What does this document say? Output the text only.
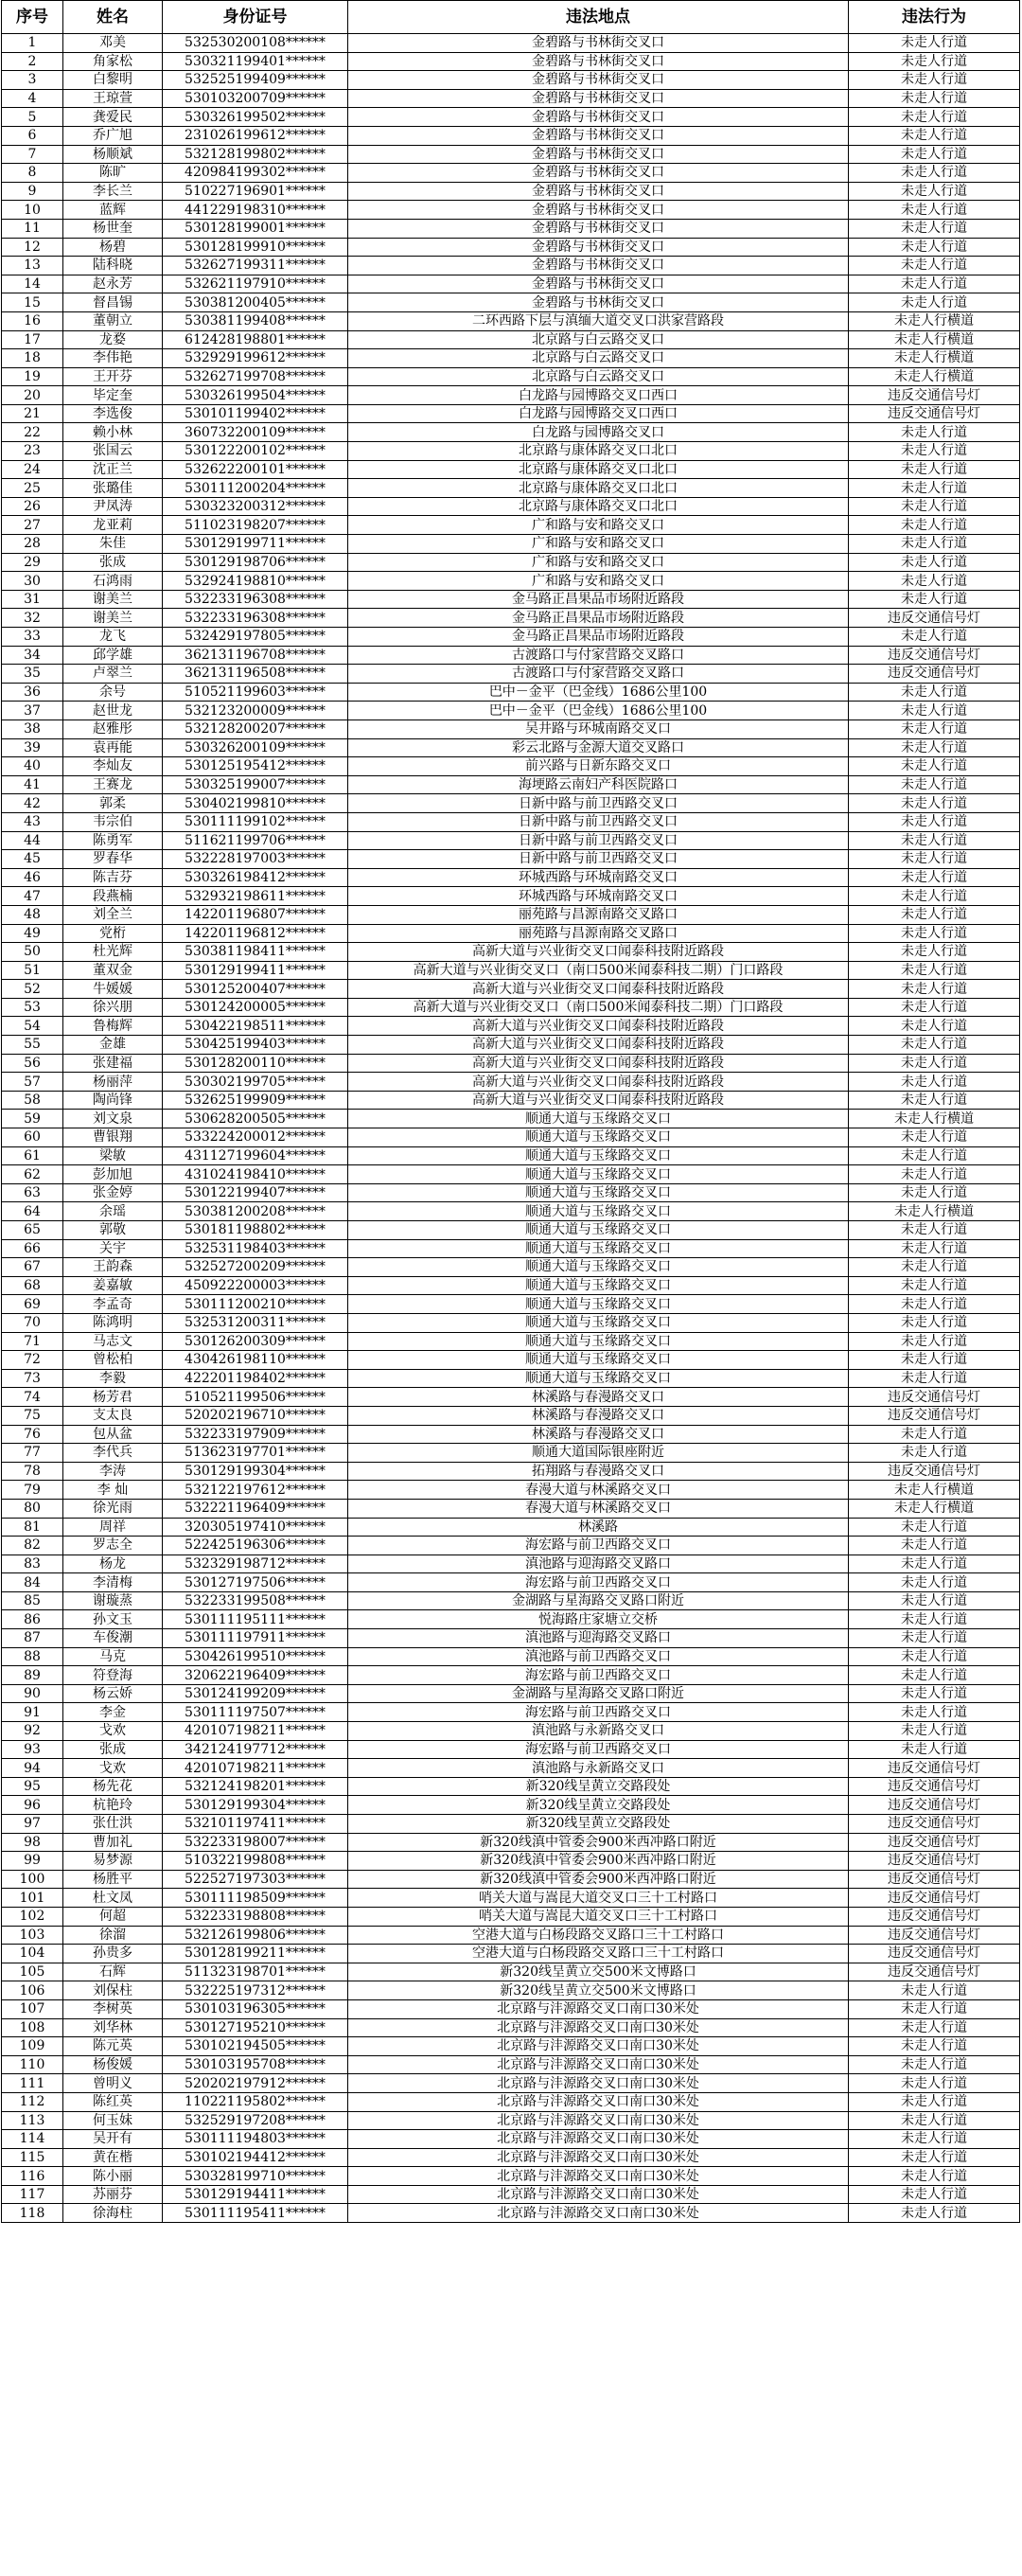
序号	姓名	身份证号	违法地点	违法行为
1	邓美	532530200108******	金碧路与书林街交叉口	未走人行道
2	角家松	530321199401******	金碧路与书林街交叉口	未走人行道
3	白黎明	532525199409******	金碧路与书林街交叉口	未走人行道
4	王琼萱	530103200709******	金碧路与书林街交叉口	未走人行道
5	龚爱民	530326199502******	金碧路与书林街交叉口	未走人行道
6	乔广旭	231026199612******	金碧路与书林街交叉口	未走人行道
7	杨顺斌	532128199802******	金碧路与书林街交叉口	未走人行道
8	陈旷	420984199302******	金碧路与书林街交叉口	未走人行道
9	李长兰	510227196901******	金碧路与书林街交叉口	未走人行道
10	蓝辉	441229198310******	金碧路与书林街交叉口	未走人行道
11	杨世奎	530128199001******	金碧路与书林街交叉口	未走人行道
12	杨碧	530128199910******	金碧路与书林街交叉口	未走人行道
13	陆科晓	532627199311******	金碧路与书林街交叉口	未走人行道
14	赵永芳	532621197910******	金碧路与书林街交叉口	未走人行道
15	督昌锡	530381200405******	金碧路与书林街交叉口	未走人行道
16	董朝立	530381199408******	二环西路下层与滇缅大道交叉口洪家营路段	未走人行横道
17	龙婺	612428198801******	北京路与白云路交叉口	未走人行横道
18	李伟艳	532929199612******	北京路与白云路交叉口	未走人行横道
19	王开芬	532627199708******	北京路与白云路交叉口	未走人行横道
20	毕定奎	530326199504******	白龙路与园博路交叉口西口	违反交通信号灯
21	李选俊	530101199402******	白龙路与园博路交叉口西口	违反交通信号灯
22	赖小林	360732200109******	白龙路与园博路交叉口	未走人行道
23	张国云	530122200102******	北京路与康体路交叉口北口	未走人行道
24	沈正兰	532622200101******	北京路与康体路交叉口北口	未走人行道
25	张璐佳	530111200204******	北京路与康体路交叉口北口	未走人行道
26	尹凤涛	530323200312******	北京路与康体路交叉口北口	未走人行道
27	龙亚莉	511023198207******	广和路与安和路交叉口	未走人行道
28	朱佳	530129199711******	广和路与安和路交叉口	未走人行道
29	张成	530129198706******	广和路与安和路交叉口	未走人行道
30	石鸿雨	532924198810******	广和路与安和路交叉口	未走人行道
31	谢美兰	532233196308******	金马路正昌果品市场附近路段	未走人行道
32	谢美兰	532233196308******	金马路正昌果品市场附近路段	违反交通信号灯
33	龙飞	532429197805******	金马路正昌果品市场附近路段	未走人行道
34	邱学雄	362131196708******	古渡路口与付家营路交叉路口	违反交通信号灯
35	卢翠兰	362131196508******	古渡路口与付家营路交叉路口	违反交通信号灯
36	余号	510521199603******	巴中－金平（巴金线）1686公里100	未走人行道
37	赵世龙	532123200009******	巴中－金平（巴金线）1686公里100	未走人行道
38	赵雅彤	532128200207******	吴井路与环城南路交叉口	未走人行道
39	袁再能	530326200109******	彩云北路与金源大道交叉路口	未走人行道
40	李灿友	530125195412******	前兴路与日新东路交叉口	未走人行道
41	王赛龙	530325199007******	海埂路云南妇产科医院路口	未走人行道
42	郭柔	530402199810******	日新中路与前卫西路交叉口	未走人行道
43	韦宗伯	530111199102******	日新中路与前卫西路交叉口	未走人行道
44	陈勇军	511621199706******	日新中路与前卫西路交叉口	未走人行道
45	罗春华	532228197003******	日新中路与前卫西路交叉口	未走人行道
46	陈吉芬	530326198412******	环城西路与环城南路交叉口	未走人行道
47	段燕楠	532932198611******	环城西路与环城南路交叉口	未走人行道
48	刘全兰	142201196807******	丽苑路与昌源南路交叉路口	未走人行道
49	党桁	142201196812******	丽苑路与昌源南路交叉路口	未走人行道
50	杜光辉	530381198411******	高新大道与兴业街交叉口闻泰科技附近路段	未走人行道
51	董双金	530129199411******	高新大道与兴业街交叉口（南口500米闻泰科技二期）门口路段	未走人行道
52	牛媛媛	530125200407******	高新大道与兴业街交叉口闻泰科技附近路段	未走人行道
53	徐兴朋	530124200005******	高新大道与兴业街交叉口（南口500米闻泰科技二期）门口路段	未走人行道
54	鲁梅辉	530422198511******	高新大道与兴业街交叉口闻泰科技附近路段	未走人行道
55	金雄	530425199403******	高新大道与兴业街交叉口闻泰科技附近路段	未走人行道
56	张建福	530128200110******	高新大道与兴业街交叉口闻泰科技附近路段	未走人行道
57	杨丽萍	530302199705******	高新大道与兴业街交叉口闻泰科技附近路段	未走人行道
58	陶尚锋	532625199909******	高新大道与兴业街交叉口闻泰科技附近路段	未走人行道
59	刘文泉	530628200505******	顺通大道与玉缘路交叉口	未走人行横道
60	曹银翔	533224200012******	顺通大道与玉缘路交叉口	未走人行道
61	梁敏	431127199604******	顺通大道与玉缘路交叉口	未走人行道
62	彭加旭	431024198410******	顺通大道与玉缘路交叉口	未走人行道
63	张金婷	530122199407******	顺通大道与玉缘路交叉口	未走人行道
64	余瑶	530381200208******	顺通大道与玉缘路交叉口	未走人行横道
65	郭敬	530181198802******	顺通大道与玉缘路交叉口	未走人行道
66	关宇	532531198403******	顺通大道与玉缘路交叉口	未走人行道
67	王韵森	532527200209******	顺通大道与玉缘路交叉口	未走人行道
68	姜嘉敏	450922200003******	顺通大道与玉缘路交叉口	未走人行道
69	李孟奇	530111200210******	顺通大道与玉缘路交叉口	未走人行道
70	陈鸿明	532531200311******	顺通大道与玉缘路交叉口	未走人行道
71	马志文	530126200309******	顺通大道与玉缘路交叉口	未走人行道
72	曾松柏	430426198110******	顺通大道与玉缘路交叉口	未走人行道
73	李毅	422201198402******	顺通大道与玉缘路交叉口	未走人行道
74	杨芳君	510521199506******	林溪路与春漫路交叉口	违反交通信号灯
75	支太良	520202196710******	林溪路与春漫路交叉口	违反交通信号灯
76	包从盆	532233197909******	林溪路与春漫路交叉口	未走人行道
77	李代兵	513623197701******	顺通大道国际银座附近	未走人行道
78	李涛	530129199304******	拓翔路与春漫路交叉口	违反交通信号灯
79	李 灿	532122197612******	春漫大道与林溪路交叉口	未走人行横道
80	徐光雨	532221196409******	春漫大道与林溪路交叉口	未走人行横道
81	周祥	320305197410******	林溪路	未走人行道
82	罗志全	522425196306******	海宏路与前卫西路交叉口	未走人行道
83	杨龙	532329198712******	滇池路与迎海路交叉路口	未走人行道
84	李清梅	530127197506******	海宏路与前卫西路交叉口	未走人行道
85	谢璇蒸	532233199508******	金湖路与星海路交叉路口附近	未走人行道
86	孙文玉	530111195111******	悦海路庄家塘立交桥	未走人行道
87	车俊潮	530111197911******	滇池路与迎海路交叉路口	未走人行道
88	马克	530426199510******	滇池路与前卫西路交叉口	未走人行道
89	符登海	320622196409******	海宏路与前卫西路交叉口	未走人行道
90	杨云娇	530124199209******	金湖路与星海路交叉路口附近	未走人行道
91	李金	530111197507******	海宏路与前卫西路交叉口	未走人行道
92	戈欢	420107198211******	滇池路与永新路交叉口	未走人行道
93	张成	342124197712******	海宏路与前卫西路交叉口	未走人行道
94	戈欢	420107198211******	滇池路与永新路交叉口	违反交通信号灯
95	杨先花	532124198201******	新320线呈黄立交路段处	违反交通信号灯
96	杭艳玲	530129199304******	新320线呈黄立交路段处	违反交通信号灯
97	张仕洪	532101197411******	新320线呈黄立交路段处	违反交通信号灯
98	曹加礼	532233198007******	新320线滇中管委会900米西冲路口附近	违反交通信号灯
99	易梦源	510322199808******	新320线滇中管委会900米西冲路口附近	违反交通信号灯
100	杨胜平	522527197303******	新320线滇中管委会900米西冲路口附近	违反交通信号灯
101	杜文凤	530111198509******	哨关大道与嵩昆大道交叉口三十工村路口	违反交通信号灯
102	何超	532233198808******	哨关大道与嵩昆大道交叉口三十工村路口	违反交通信号灯
103	徐溜	532126199806******	空港大道与白杨段路交叉路口三十工村路口	违反交通信号灯
104	孙贵多	530128199211******	空港大道与白杨段路交叉路口三十工村路口	违反交通信号灯
105	石辉	511323198701******	新320线呈黄立交500米文博路口	违反交通信号灯
106	刘保柱	532225197312******	新320线呈黄立交500米文博路口	未走人行道
107	李树英	530103196305******	北京路与沣源路交叉口南口30米处	未走人行道
108	刘华林	530127195210******	北京路与沣源路交叉口南口30米处	未走人行道
109	陈元英	530102194505******	北京路与沣源路交叉口南口30米处	未走人行道
110	杨俊媛	530103195708******	北京路与沣源路交叉口南口30米处	未走人行道
111	曾明义	520202197912******	北京路与沣源路交叉口南口30米处	未走人行道
112	陈红英	110221195802******	北京路与沣源路交叉口南口30米处	未走人行道
113	何玉妹	532529197208******	北京路与沣源路交叉口南口30米处	未走人行道
114	吴开有	530111194803******	北京路与沣源路交叉口南口30米处	未走人行道
115	黄在楷	530102194412******	北京路与沣源路交叉口南口30米处	未走人行道
116	陈小丽	530328199710******	北京路与沣源路交叉口南口30米处	未走人行道
117	苏丽芬	530129194411******	北京路与沣源路交叉口南口30米处	未走人行道
118	徐海柱	530111195411******	北京路与沣源路交叉口南口30米处	未走人行道
